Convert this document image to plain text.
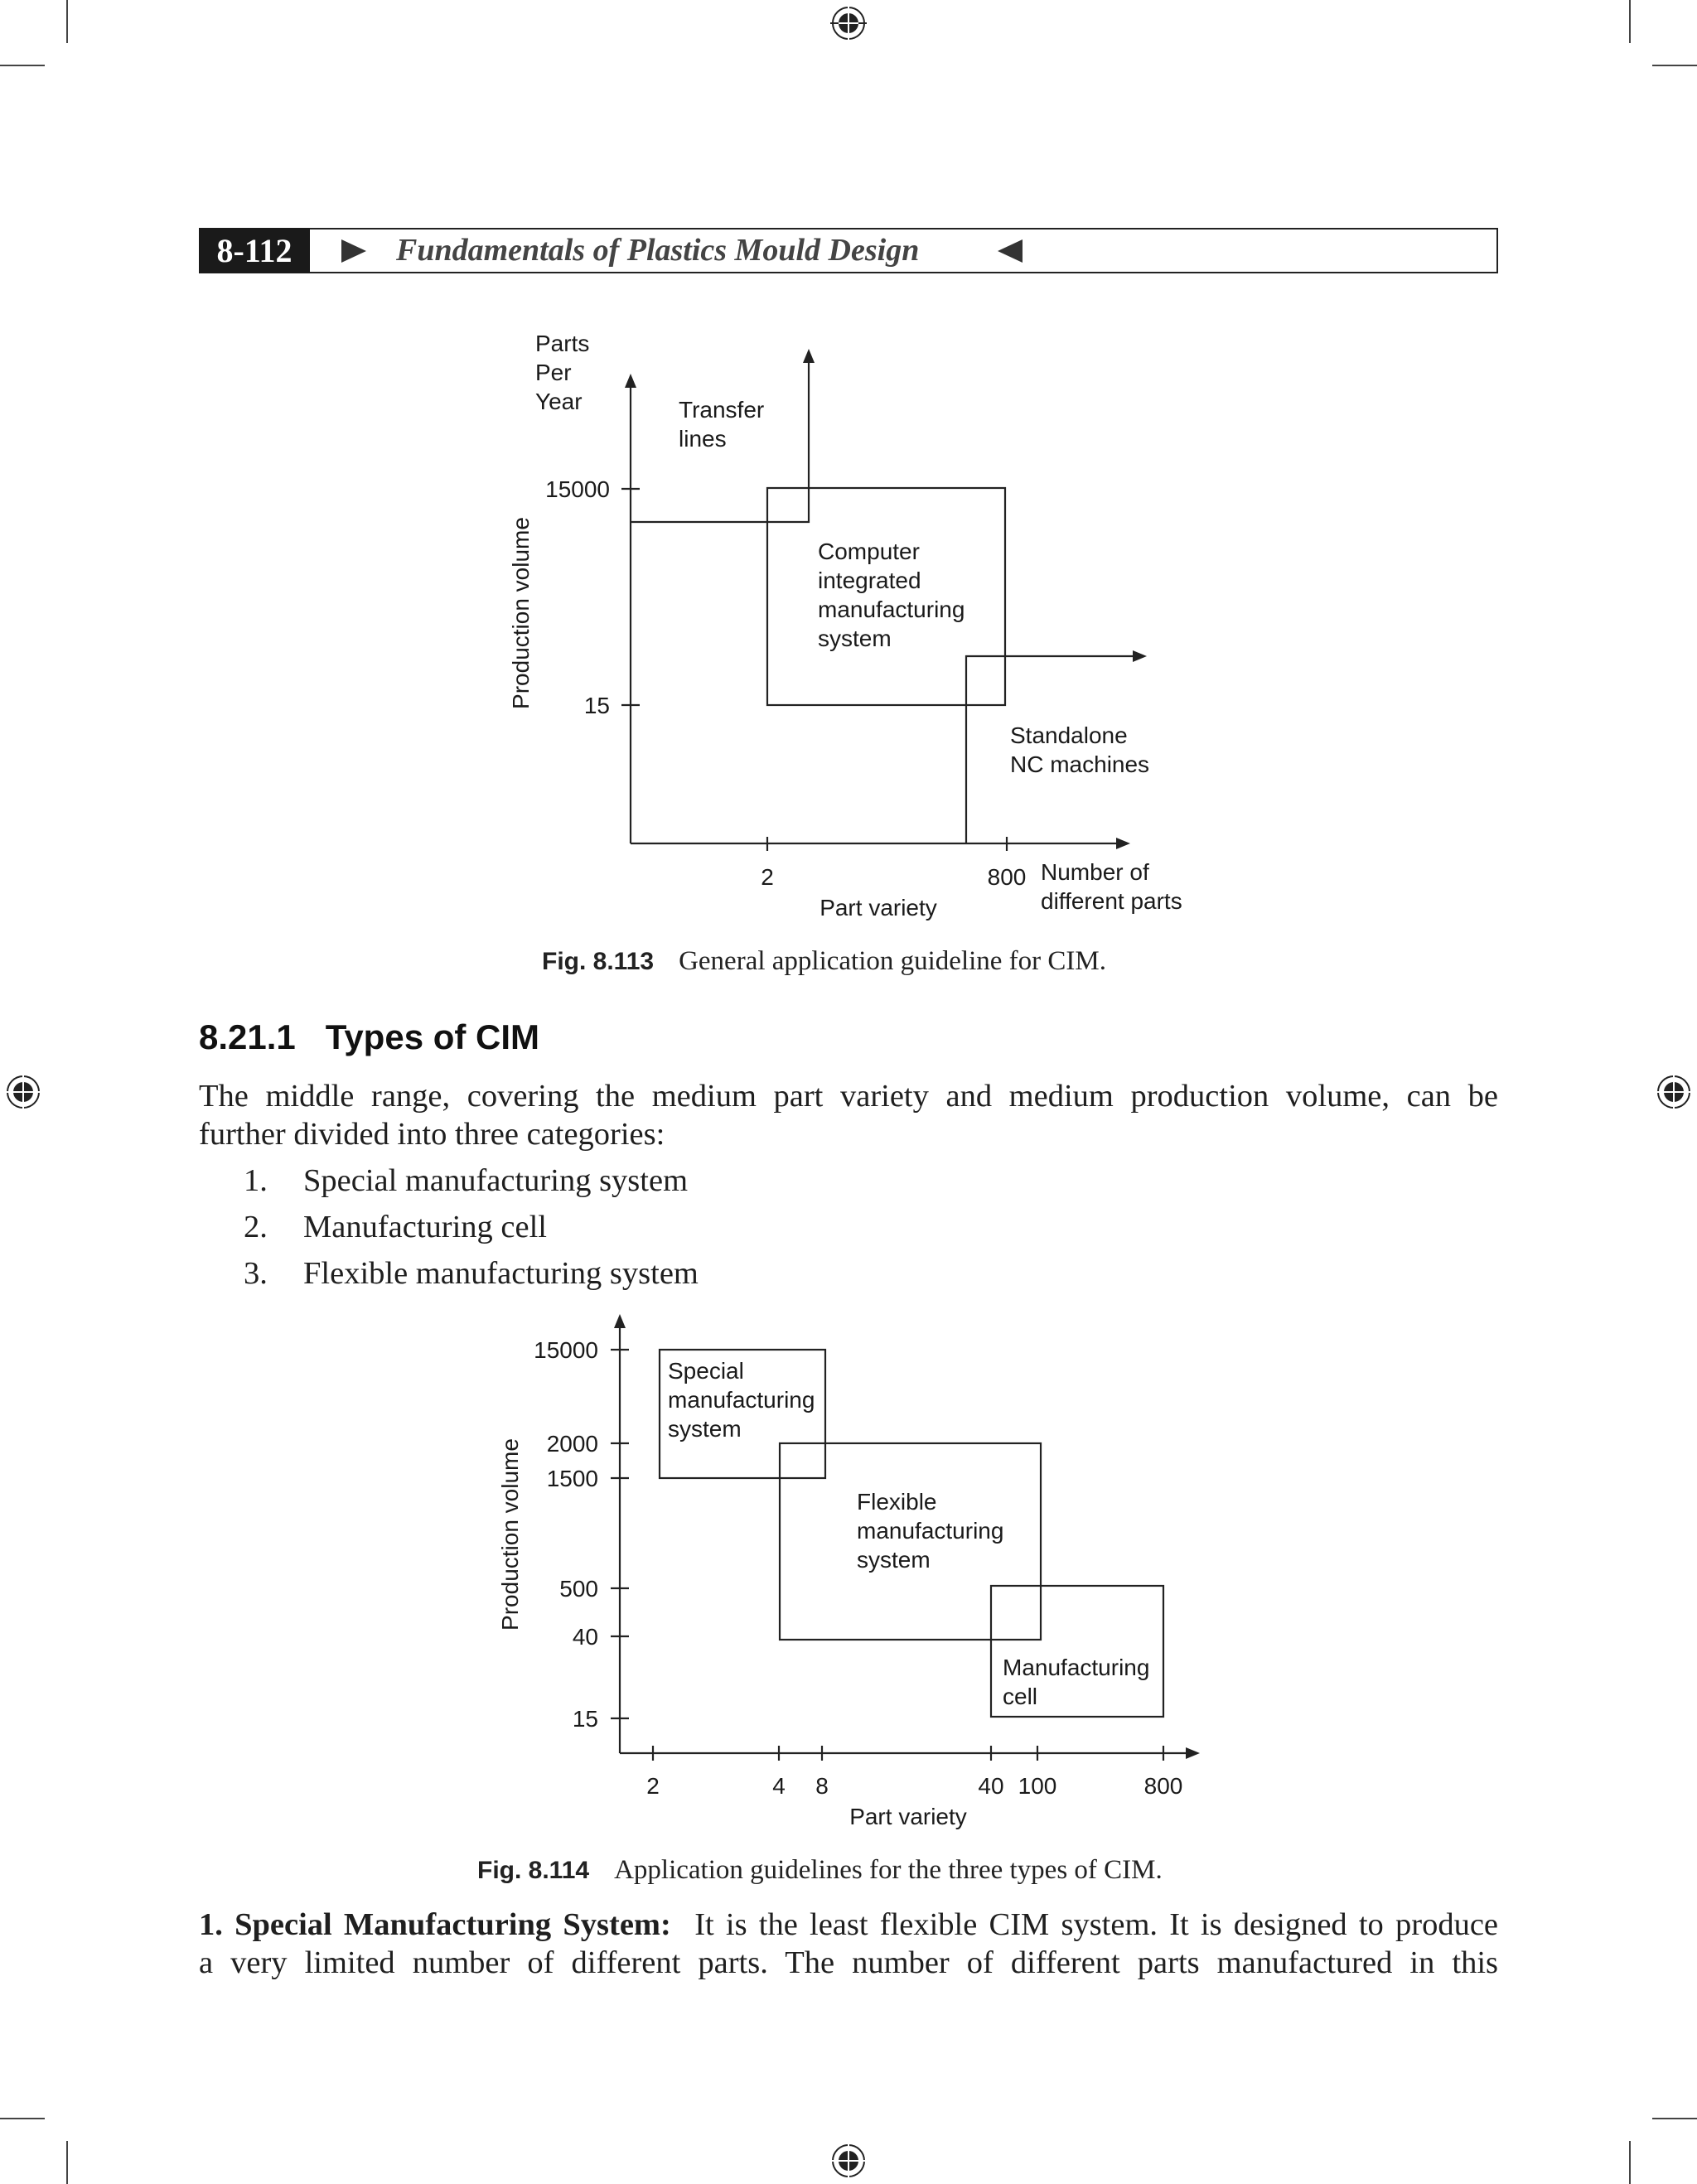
8-112	Fundamentals of Plastics Mould Design
Parts Per Year
Production volume
15000
15
2	800
Part variety
Number of different parts
Transfer lines
Computer integrated manufacturing system
Standalone NC machines
Fig. 8.113 General application guideline for CIM.
8.21.1 Types of CIM
The middle range, covering the medium part variety and medium production volume, can be
further divided into three categories:
1. Special manufacturing system
2. Manufacturing cell
3. Flexible manufacturing system
Production volume
15000
2000
1500
500
40
15
2	4 8	40 100	800
Part variety
Special manufacturing system
Flexible manufacturing system
Manufacturing cell
Fig. 8.114 Application guidelines for the three types of CIM.
1. Special Manufacturing System: It is the least flexible CIM system. It is designed to produce
a very limited number of different parts. The number of different parts manufactured in this
